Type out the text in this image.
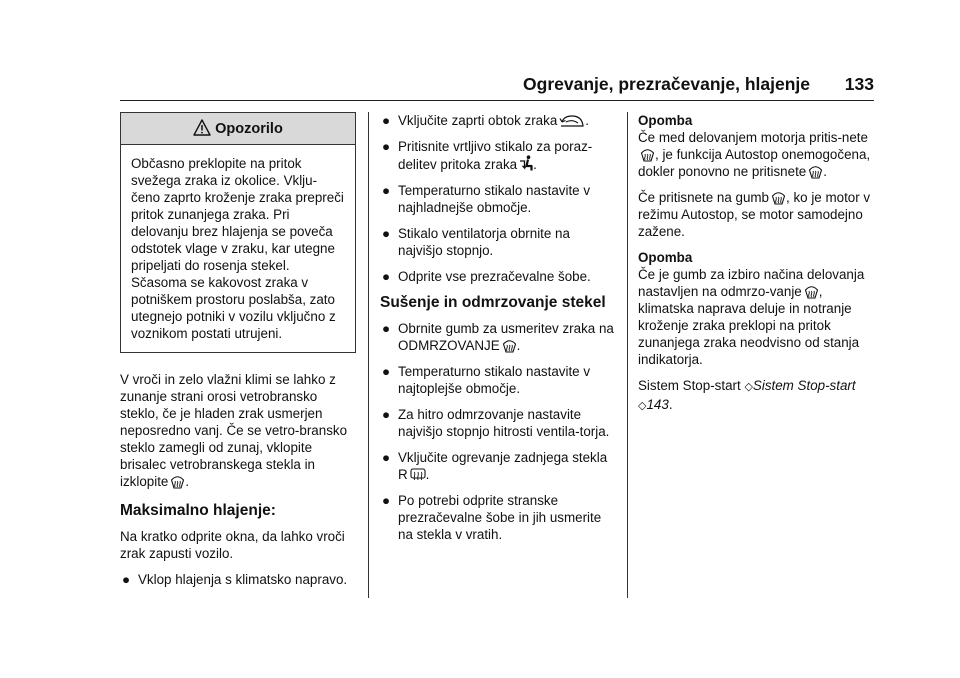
Ogrevanje, prezračevanje, hlajenje 133
Opozorilo
Občasno preklopite na pritok svežega zraka iz okolice. Vklju-čeno zaprto kroženje zraka prepreči pritok zunanjega zraka. Pri delovanju brez hlajenja se poveča odstotek vlage v zraku, kar utegne pripeljati do rosenja stekel. Sčasoma se kakovost zraka v potniškem prostoru poslabša, zato utegnejo potniki v vozilu vključno z voznikom postati utrujeni.

V vroči in zelo vlažni klimi se lahko z zunanje strani orosi vetrobransko steklo, če je hladen zrak usmerjen neposredno vanj. Če se vetro-bransko steklo zamegli od zunaj, vklopite brisalec vetrobranskega stekla in izklopite .

Maksimalno hlajenje:

Na kratko odprite okna, da lahko vroči zrak zapusti vozilo.

● Vklop hlajenja s klimatsko napravo.
● Vključite zaprti obtok zraka .
● Pritisnite vrtljivo stikalo za poraz-delitev pritoka zraka .
● Temperaturno stikalo nastavite v najhladnejše območje.
● Stikalo ventilatorja obrnite na najvišjo stopnjo.
● Odprite vse prezračevalne šobe.
Sušenje in odmrzovanje stekel
● Obrnite gumb za usmeritev zraka na ODMRZOVANJE .
● Temperaturno stikalo nastavite v najtoplejše območje.
● Za hitro odmrzovanje nastavite najvišjo stopnjo hitrosti ventila-torja.
● Vključite ogrevanje zadnjega stekla R .
● Po potrebi odprite stranske prezračevalne šobe in jih usmerite na stekla v vratih.

Opomba

Če med delovanjem motorja pritis-nete, je funkcija Autostop onemogočena, dokler ponovno ne pritisnete .

Če pritisnete na gumb , ko je motor v režimu Autostop, se motor samodejno zažene.

Opomba

Če je gumb za izbiro načina delovanja nastavljen na odmrzo-vanje , klimatska naprava deluje in notranje kroženje zraka preklopi na pritok zunanjega zraka neodvisno od stanja indikatorja.

Sistem Stop-start ◇Sistem Stop-start ◇143.
